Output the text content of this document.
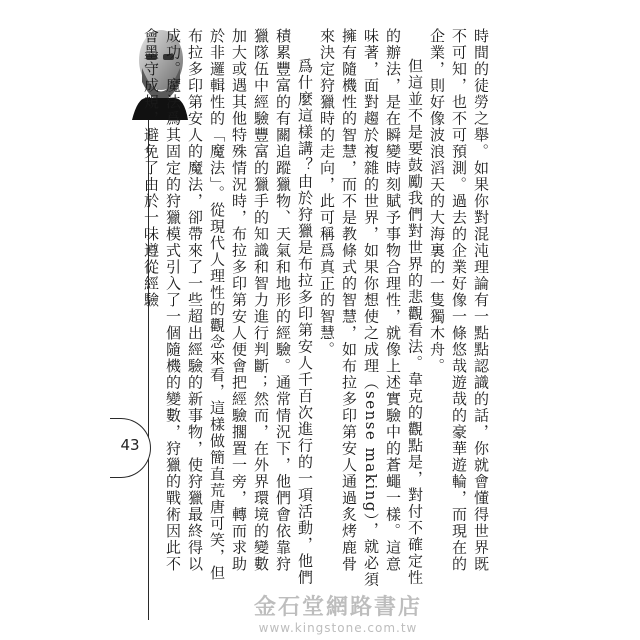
43	時間的徒勞之舉。如果你對混沌理論有一點點認識的話，你就會懂得世界既不可知，也不可預測。過去的企業好像一條悠哉遊哉的豪華遊輪，而現在的企業，則好像波浪滔天的大海裏的一隻獨木舟。

但這並不是要鼓勵我們對世界的悲觀看法。韋克的觀點是，對付不確定性的辦法，是在瞬變時刻賦予事物合理性，就像上述實驗中的蒼蠅一樣。這意味著，面對趨於複雜的世界，如果你想使之成理（sense making），就必須擁有隨機性的智慧，而不是教條式的智慧，如布拉多印第安人通過炙烤鹿骨來決定狩獵時的走向，此可稱爲真正的智慧。

爲什麼這樣講？由於狩獵是布拉多印第安人千百次進行的一項活動，他們積累豐富的有關追蹤獵物、天氣和地形的經驗。通常情況下，他們會依靠狩獵隊伍中經驗豐富的獵手的知識和智力進行判斷；然而，在外界環境的變數加大或遇其他特殊情況時，布拉多印第安人便會把經驗擱置一旁，轉而求助於非邏輯性的「魔法」。從現代人理性的觀念來看，這樣做簡直荒唐可笑，但布拉多印第安人的魔法，卻帶來了一些超出經驗的新事物，使狩獵最終得以成功。魔法爲其固定的狩獵模式引入了一個隨機的變數，狩獵的戰術因此不會墨守成規，避免了由於一味遵從經驗

金石堂網路書店
www.kingstone.com.tw
